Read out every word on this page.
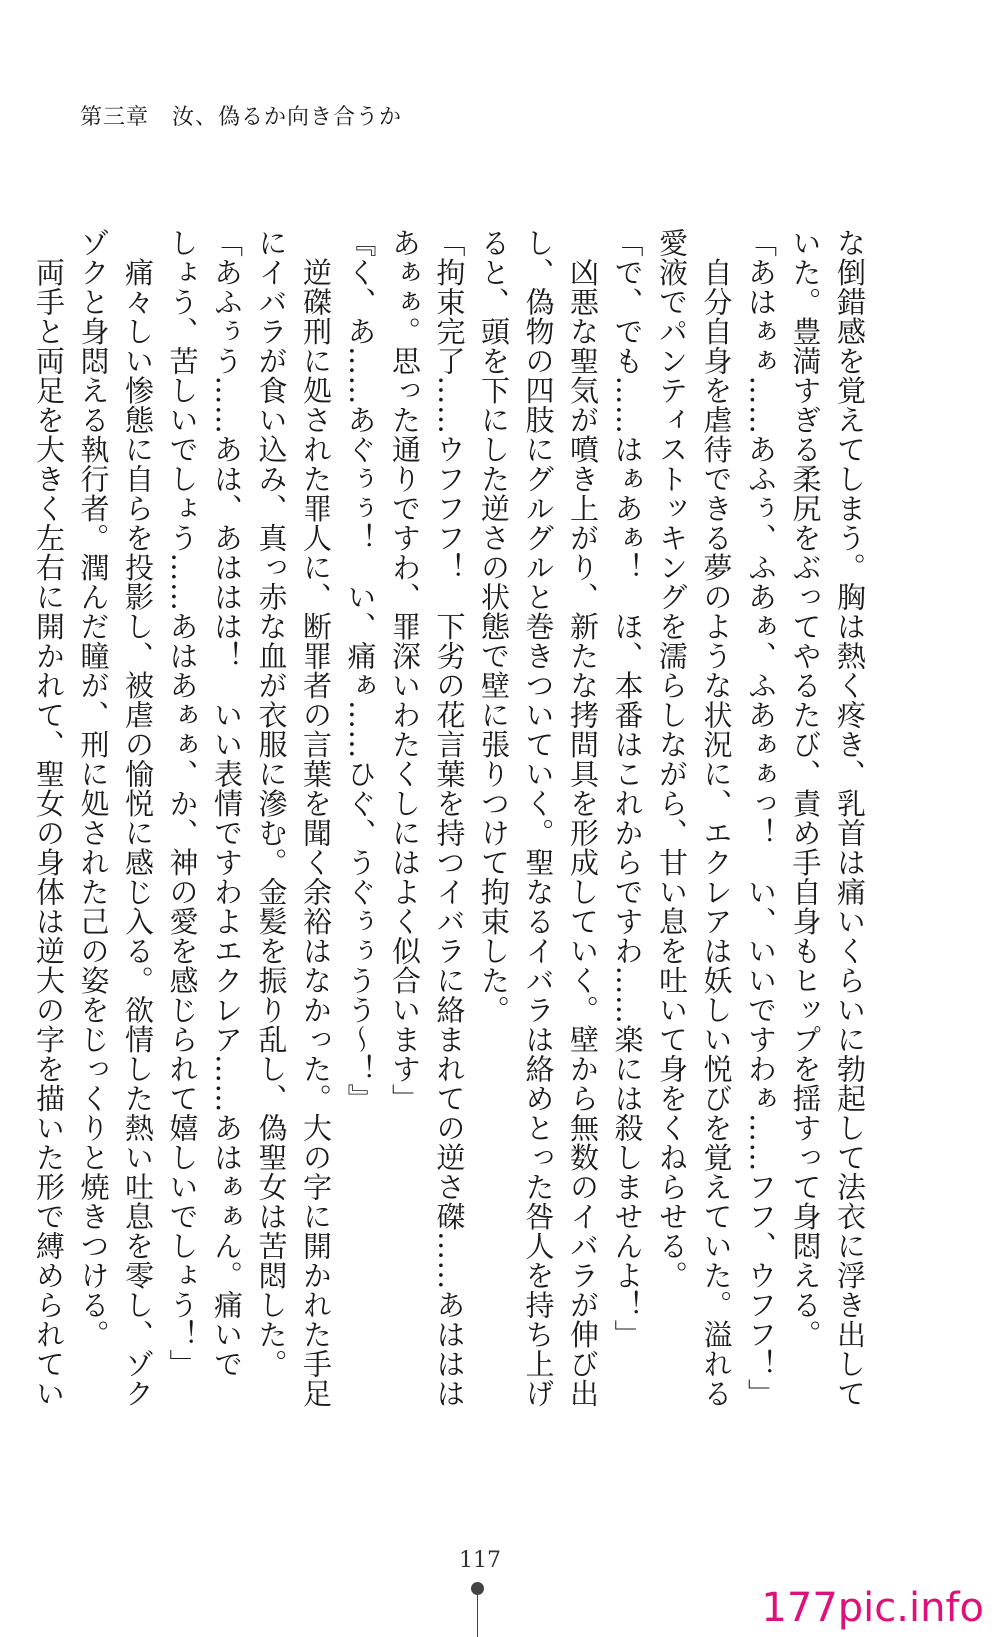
第三章　汝、偽るか向き合うか

な倒錯感を覚えてしまう。胸は熱く疼き、乳首は痛いくらいに勃起して法衣に浮き出して

いた。豊満すぎる柔尻をぶってやるたび、責め手自身もヒップを揺すって身悶える。

「あはぁぁ……あふぅ、ふあぁ、ふあぁぁっ！　い、いいですわぁ……フフ、ウフフ！」

　自分自身を虐待できる夢のような状況に、エクレアは妖しい悦びを覚えていた。溢れる

愛液でパンティストッキングを濡らしながら、甘い息を吐いて身をくねらせる。

「で、でも……はぁあぁ！　ほ、本番はこれからですわ……楽には殺しませんよ！」

　凶悪な聖気が噴き上がり、新たな拷問具を形成していく。壁から無数のイバラが伸び出

し、偽物の四肢にグルグルと巻きついていく。聖なるイバラは絡めとった咎人を持ち上げ

ると、頭を下にした逆さの状態で壁に張りつけて拘束した。

「拘束完了……ウフフフ！　下劣の花言葉を持つイバラに絡まれての逆さ磔……あははは

あぁぁ。思った通りですわ、罪深いわたくしにはよく似合います」

『く、あ……あぐぅぅ！　い、痛ぁ……ひぐ、うぐぅぅうう〜！』

　逆磔刑に処された罪人に、断罪者の言葉を聞く余裕はなかった。大の字に開かれた手足

にイバラが食い込み、真っ赤な血が衣服に滲む。金髪を振り乱し、偽聖女は苦悶した。

「あふぅう……あは、あははは！　いい表情ですわよエクレア……あはぁぁん。痛いで

しょう、苦しいでしょう……あはあぁぁ、か、神の愛を感じられて嬉しいでしょう！」

　痛々しい惨態に自らを投影し、被虐の愉悦に感じ入る。欲情した熱い吐息を零し、ゾク

ゾクと身悶える執行者。潤んだ瞳が、刑に処された己の姿をじっくりと焼きつける。

　両手と両足を大きく左右に開かれて、聖女の身体は逆大の字を描いた形で縛められてい

117
177pic.info
